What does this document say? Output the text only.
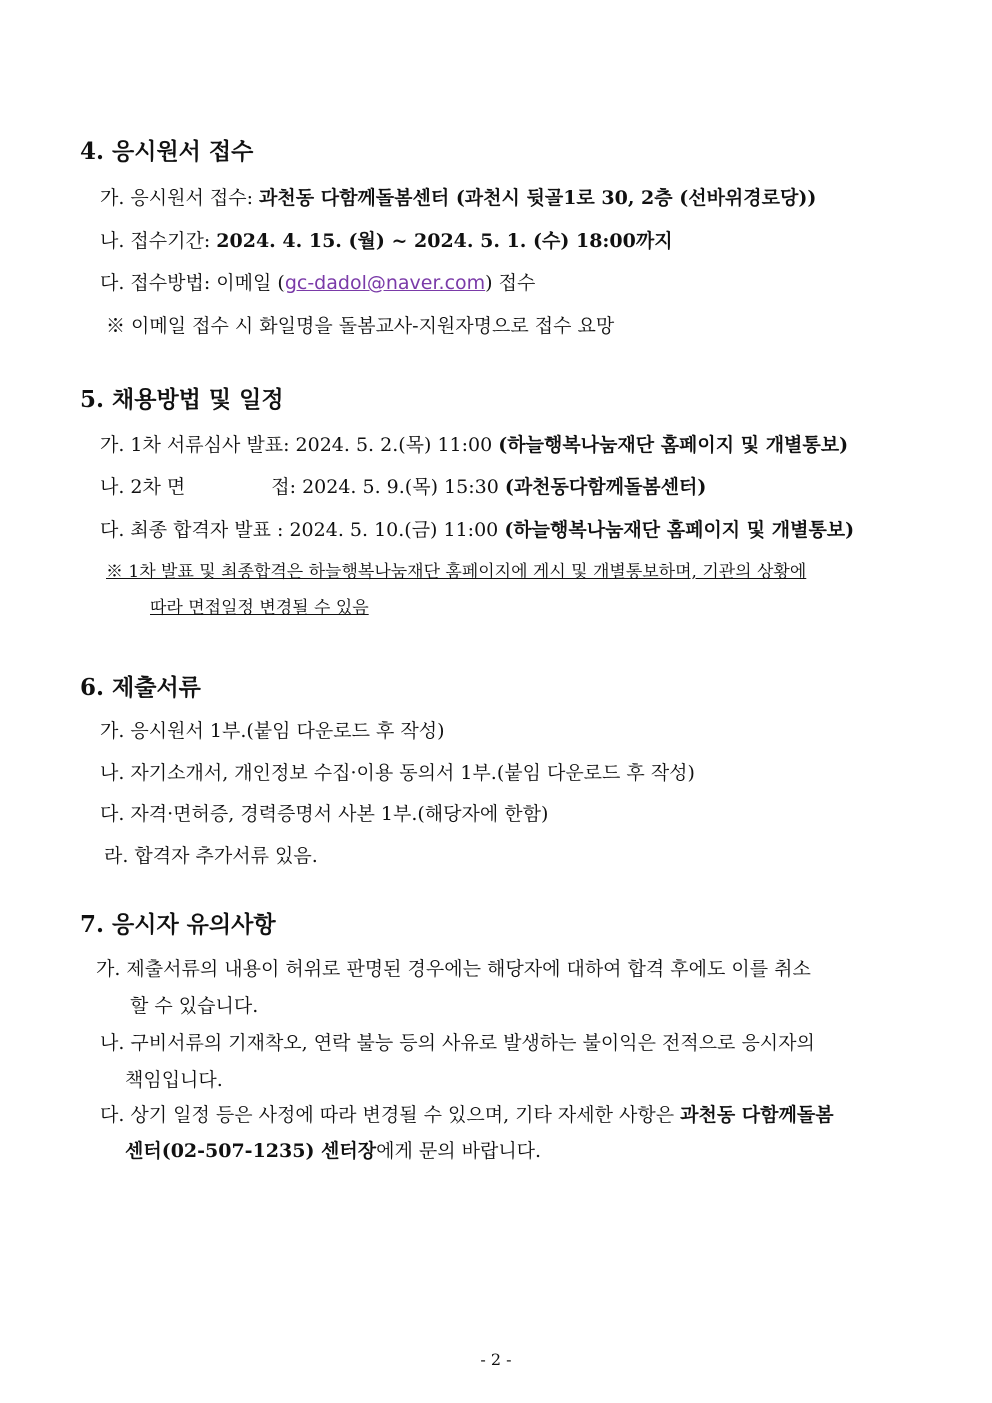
4. 응시원서 접수
가. 응시원서 접수: 과천동 다함께돌봄센터 (과천시 뒷골1로 30, 2층 (선바위경로당))
나. 접수기간: 2024. 4. 15. (월) ~ 2024. 5. 1. (수) 18:00까지
다. 접수방법: 이메일 (gc-dadol@naver.com) 접수
※ 이메일 접수 시 화일명을 돌봄교사-지원자명으로 접수 요망
5. 채용방법 및 일정
가. 1차 서류심사 발표: 2024. 5. 2.(목) 11:00 (하늘행복나눔재단 홈페이지 및 개별통보)
나. 2차 면	접: 2024. 5. 9.(목) 15:30 (과천동다함께돌봄센터)
다. 최종 합격자 발표 : 2024. 5. 10.(금) 11:00 (하늘행복나눔재단 홈페이지 및 개별통보)
※ 1차 발표 및 최종합격은 하늘행복나눔재단 홈페이지에 게시 및 개별통보하며, 기관의 상황에
따라 면접일정 변경될 수 있음
6. 제출서류
가. 응시원서 1부.(붙임 다운로드 후 작성)
나. 자기소개서, 개인정보 수집·이용 동의서 1부.(붙임 다운로드 후 작성)
다. 자격·면허증, 경력증명서 사본 1부.(해당자에 한함)
라. 합격자 추가서류 있음.
7. 응시자 유의사항
가. 제출서류의 내용이 허위로 판명된 경우에는 해당자에 대하여 합격 후에도 이를 취소
할 수 있습니다.
나. 구비서류의 기재착오, 연락 불능 등의 사유로 발생하는 불이익은 전적으로 응시자의
책임입니다.
다. 상기 일정 등은 사정에 따라 변경될 수 있으며, 기타 자세한 사항은 과천동 다함께돌봄
센터(02-507-1235) 센터장에게 문의 바랍니다.
- 2 -
